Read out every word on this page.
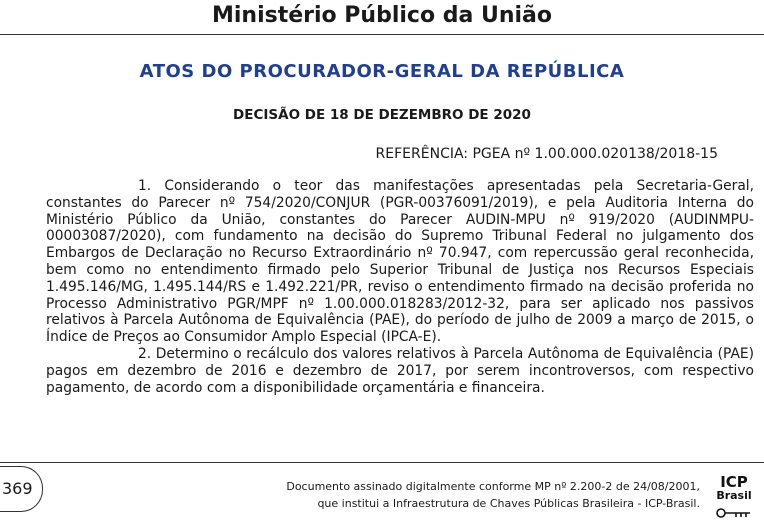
Ministério Público da União
ATOS DO PROCURADOR-GERAL DA REPÚBLICA
DECISÃO DE 18 DE DEZEMBRO DE 2020
REFERÊNCIA: PGEA nº 1.00.000.020138/2018-15

1. Considerando o teor das manifestações apresentadas pela Secretaria-Geral, constantes do Parecer nº 754/2020/CONJUR (PGR-00376091/2019), e pela Auditoria Interna do Ministério Público da União, constantes do Parecer AUDIN-MPU nº 919/2020 (AUDINMPU-00003087/2020), com fundamento na decisão do Supremo Tribunal Federal no julgamento dos Embargos de Declaração no Recurso Extraordinário nº 70.947, com repercussão geral reconhecida, bem como no entendimento firmado pelo Superior Tribunal de Justiça nos Recursos Especiais 1.495.146/MG, 1.495.144/RS e 1.492.221/PR, reviso o entendimento firmado na decisão proferida no Processo Administrativo PGR/MPF nº 1.00.000.018283/2012-32, para ser aplicado nos passivos relativos à Parcela Autônoma de Equivalência (PAE), do período de julho de 2009 a março de 2015, o Índice de Preços ao Consumidor Amplo Especial (IPCA-E).

2. Determino o recálculo dos valores relativos à Parcela Autônoma de Equivalência (PAE) pagos em dezembro de 2016 e dezembro de 2017, por serem incontroversos, com respectivo pagamento, de acordo com a disponibilidade orçamentária e financeira.

369	Documento assinado digitalmente conforme MP nº 2.200-2 de 24/08/2001,
que institui a Infraestrutura de Chaves Públicas Brasileira - ICP-Brasil.
ICP
Brasil
